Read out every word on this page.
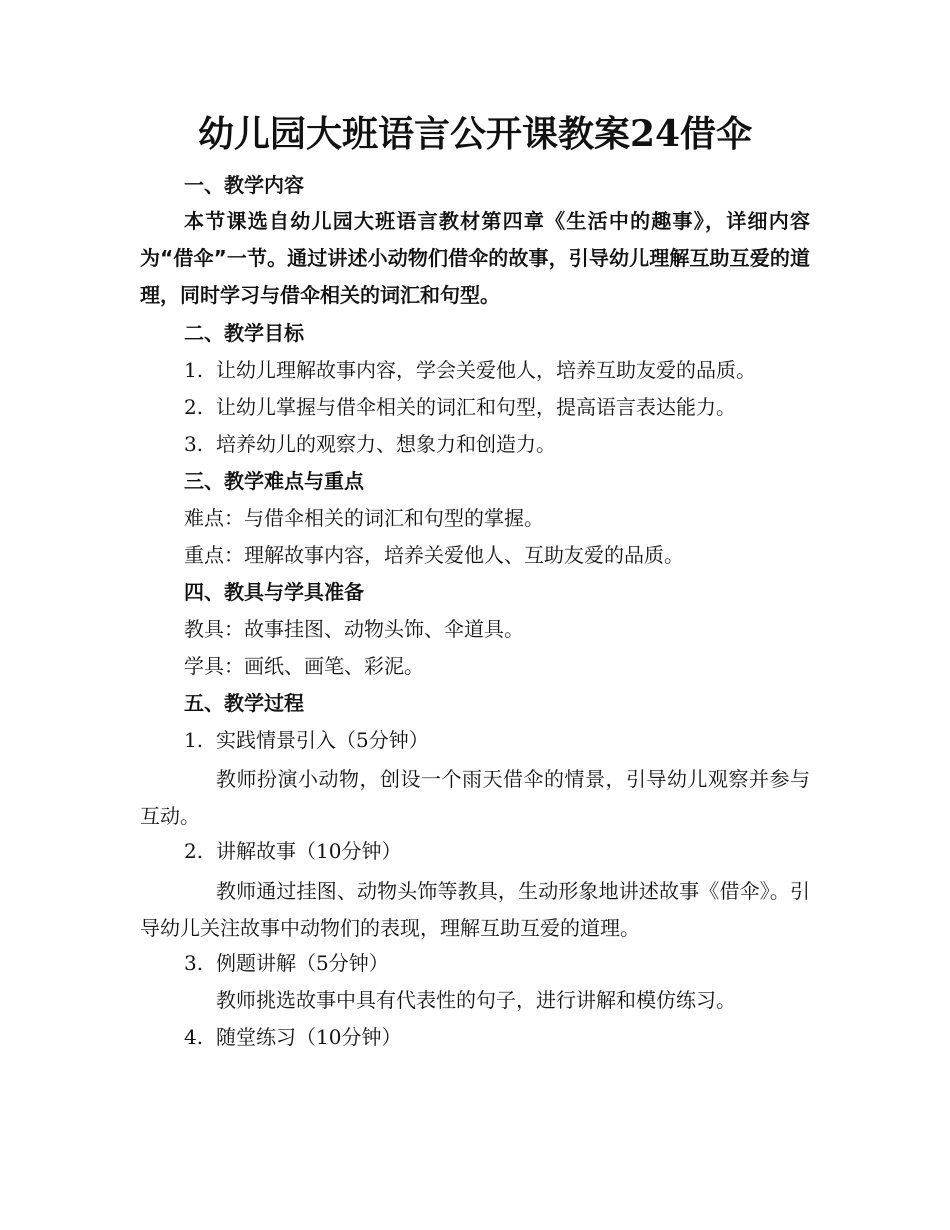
幼儿园大班语言公开课教案24借伞
一、教学内容
本节课选自幼儿园大班语言教材第四章《生活中的趣事》，详细内容为“借伞”一节。通过讲述小动物们借伞的故事，引导幼儿理解互助互爱的道理，同时学习与借伞相关的词汇和句型。
二、教学目标
1. 让幼儿理解故事内容，学会关爱他人，培养互助友爱的品质。
2. 让幼儿掌握与借伞相关的词汇和句型，提高语言表达能力。
3. 培养幼儿的观察力、想象力和创造力。
三、教学难点与重点
难点：与借伞相关的词汇和句型的掌握。
重点：理解故事内容，培养关爱他人、互助友爱的品质。
四、教具与学具准备
教具：故事挂图、动物头饰、伞道具。
学具：画纸、画笔、彩泥。
五、教学过程
1. 实践情景引入（5分钟）
教师扮演小动物，创设一个雨天借伞的情景，引导幼儿观察并参与互动。
2. 讲解故事（10分钟）
教师通过挂图、动物头饰等教具，生动形象地讲述故事《借伞》。引导幼儿关注故事中动物们的表现，理解互助互爱的道理。
3. 例题讲解（5分钟）
教师挑选故事中具有代表性的句子，进行讲解和模仿练习。
4. 随堂练习（10分钟）
